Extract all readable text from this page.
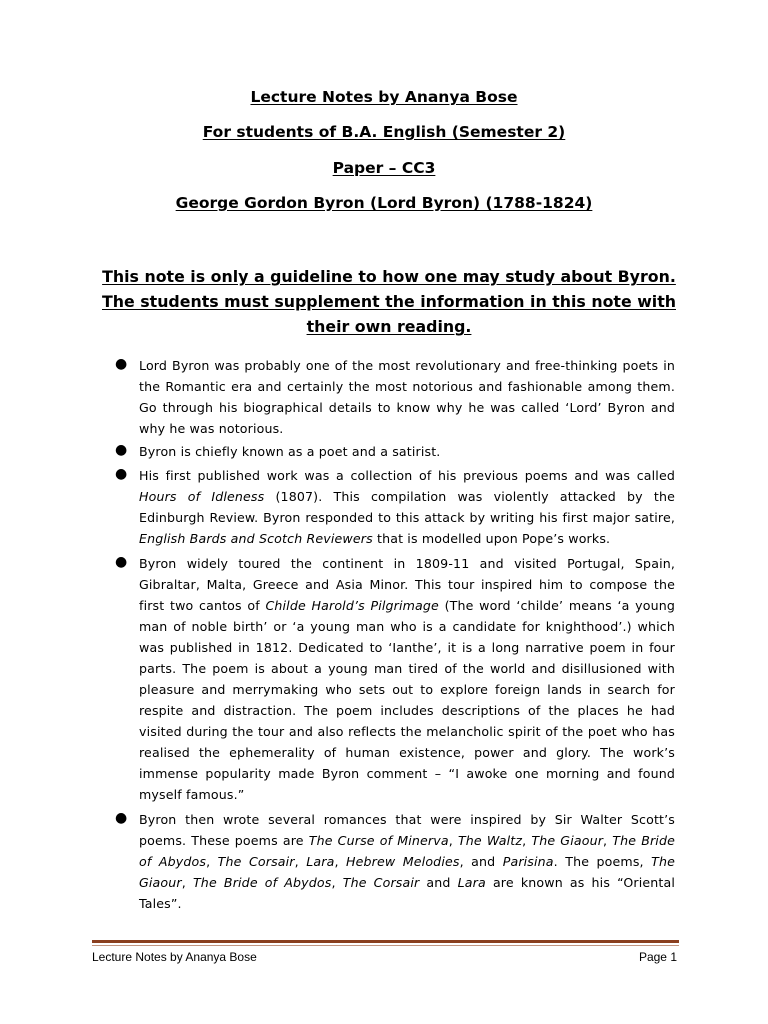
Lecture Notes by Ananya Bose
For students of B.A. English (Semester 2)
Paper – CC3
George Gordon Byron (Lord Byron) (1788-1824)
This note is only a guideline to how one may study about Byron. The students must supplement the information in this note with their own reading.
● Lord Byron was probably one of the most revolutionary and free-thinking poets in the Romantic era and certainly the most notorious and fashionable among them. Go through his biographical details to know why he was called ‘Lord’ Byron and why he was notorious.
● Byron is chiefly known as a poet and a satirist.
● His first published work was a collection of his previous poems and was called Hours of Idleness (1807). This compilation was violently attacked by the Edinburgh Review. Byron responded to this attack by writing his first major satire, English Bards and Scotch Reviewers that is modelled upon Pope’s works.
● Byron widely toured the continent in 1809-11 and visited Portugal, Spain, Gibraltar, Malta, Greece and Asia Minor. This tour inspired him to compose the first two cantos of Childe Harold’s Pilgrimage (The word ‘childe’ means ‘a young man of noble birth’ or ‘a young man who is a candidate for knighthood’.) which was published in 1812. Dedicated to ‘Ianthe’, it is a long narrative poem in four parts. The poem is about a young man tired of the world and disillusioned with pleasure and merrymaking who sets out to explore foreign lands in search for respite and distraction. The poem includes descriptions of the places he had visited during the tour and also reflects the melancholic spirit of the poet who has realised the ephemerality of human existence, power and glory. The work’s immense popularity made Byron comment – “I awoke one morning and found myself famous.”
● Byron then wrote several romances that were inspired by Sir Walter Scott’s poems. These poems are The Curse of Minerva, The Waltz, The Giaour, The Bride of Abydos, The Corsair, Lara, Hebrew Melodies, and Parisina. The poems, The Giaour, The Bride of Abydos, The Corsair and Lara are known as his “Oriental Tales”.
Lecture Notes by Ananya Bose	Page 1
